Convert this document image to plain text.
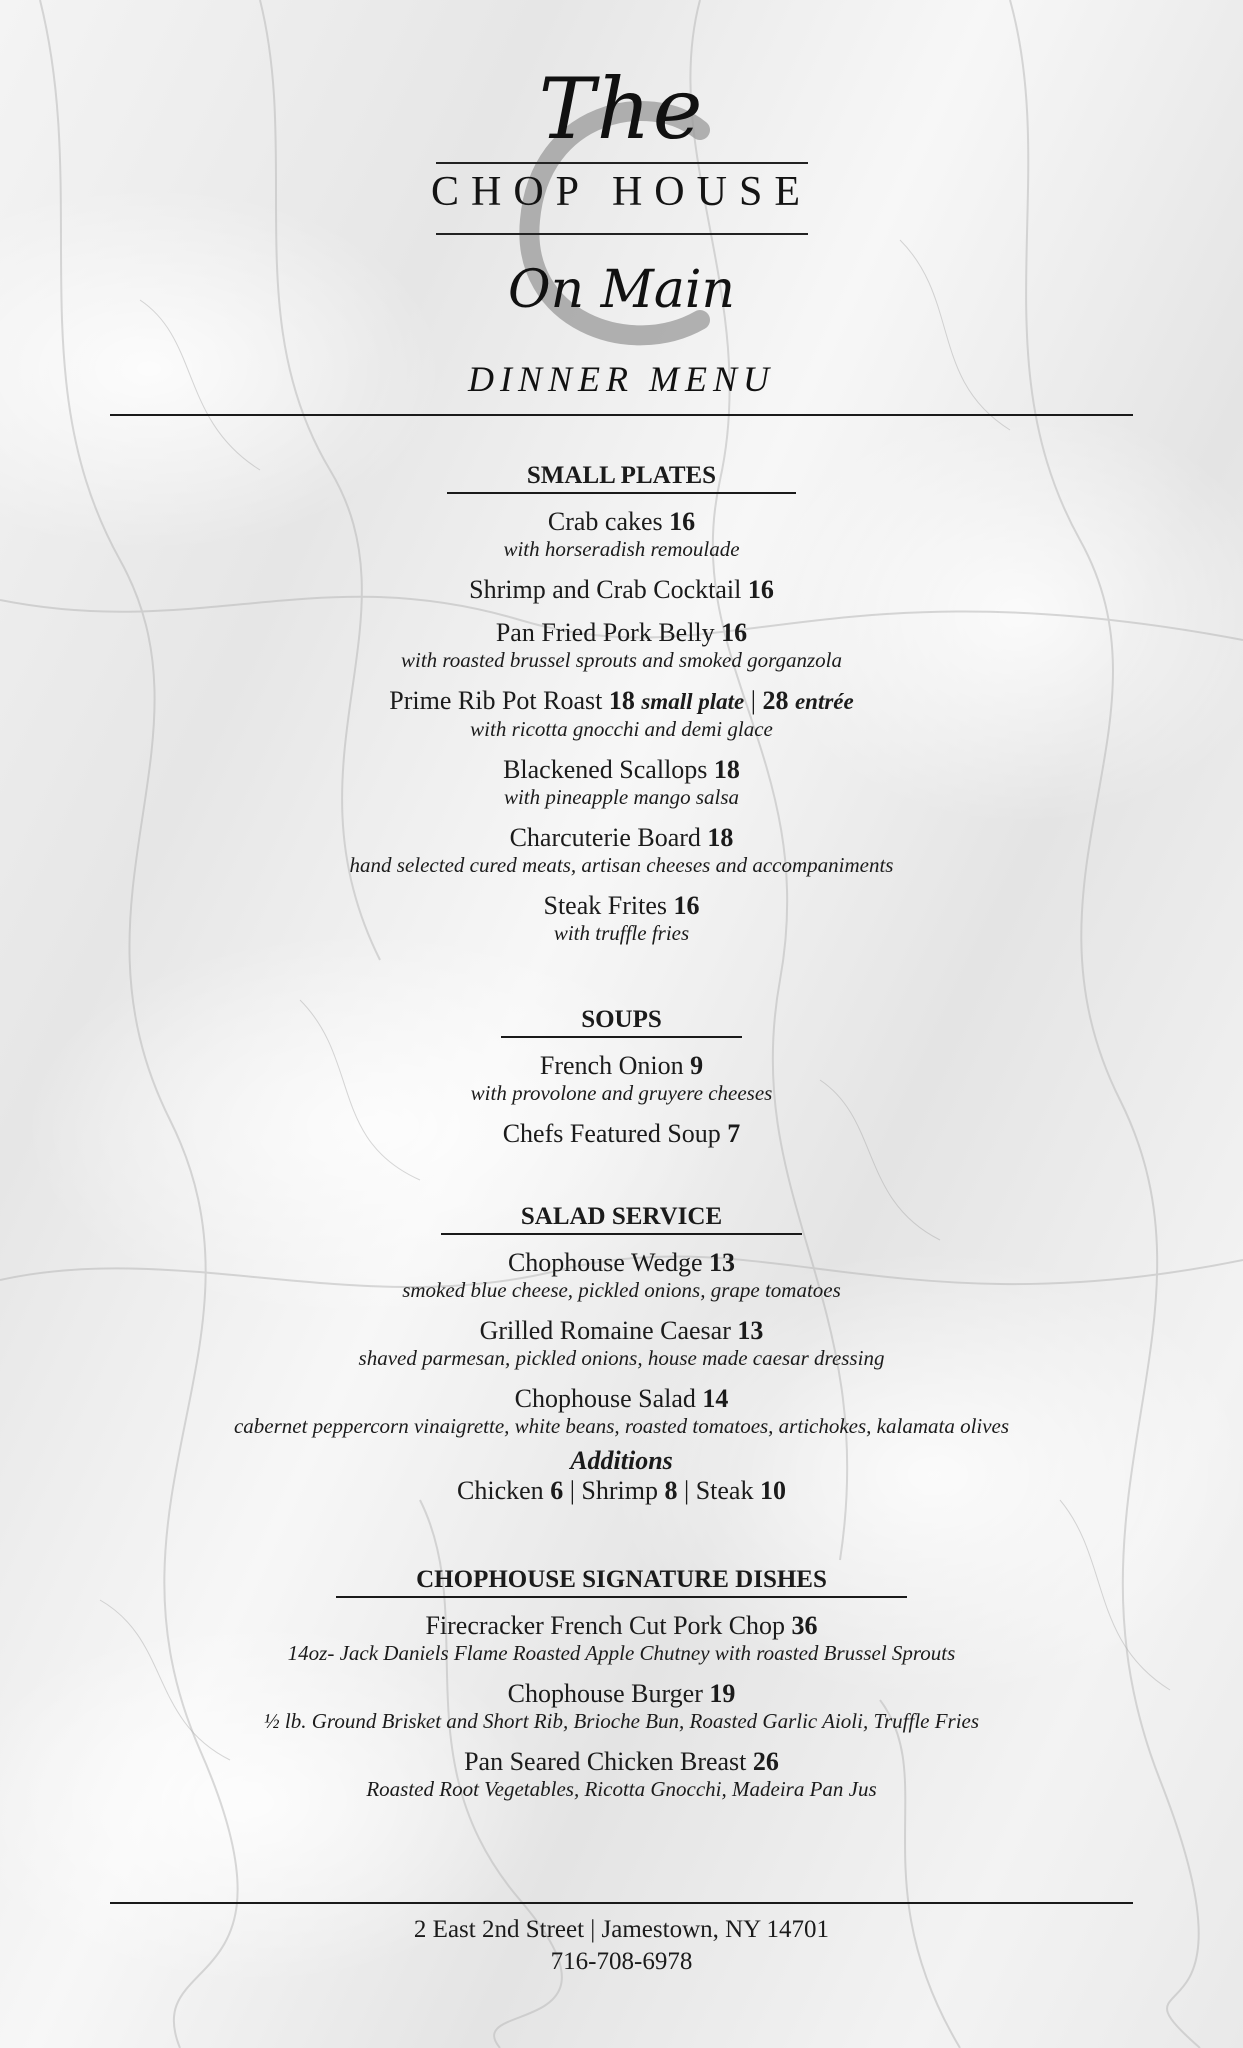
The
CHOP HOUSE
On Main
DINNER MENU
SMALL PLATES
Crab cakes 16
with horseradish remoulade
Shrimp and Crab Cocktail 16
Pan Fried Pork Belly 16
with roasted brussel sprouts and smoked gorganzola
Prime Rib Pot Roast 18 small plate | 28 entrée
with ricotta gnocchi and demi glace
Blackened Scallops 18
with pineapple mango salsa
Charcuterie Board 18
hand selected cured meats, artisan cheeses and accompaniments
Steak Frites 16
with truffle fries
SOUPS
French Onion 9
with provolone and gruyere cheeses
Chefs Featured Soup 7
SALAD SERVICE
Chophouse Wedge 13
smoked blue cheese, pickled onions, grape tomatoes
Grilled Romaine Caesar 13
shaved parmesan, pickled onions, house made caesar dressing
Chophouse Salad 14
cabernet peppercorn vinaigrette, white beans, roasted tomatoes, artichokes, kalamata olives
Additions
Chicken 6 | Shrimp 8 | Steak 10
CHOPHOUSE SIGNATURE DISHES
Firecracker French Cut Pork Chop 36
14oz- Jack Daniels Flame Roasted Apple Chutney with roasted Brussel Sprouts
Chophouse Burger 19
½ lb. Ground Brisket and Short Rib, Brioche Bun, Roasted Garlic Aioli, Truffle Fries
Pan Seared Chicken Breast 26
Roasted Root Vegetables, Ricotta Gnocchi, Madeira Pan Jus
2 East 2nd Street | Jamestown, NY 14701
716-708-6978
